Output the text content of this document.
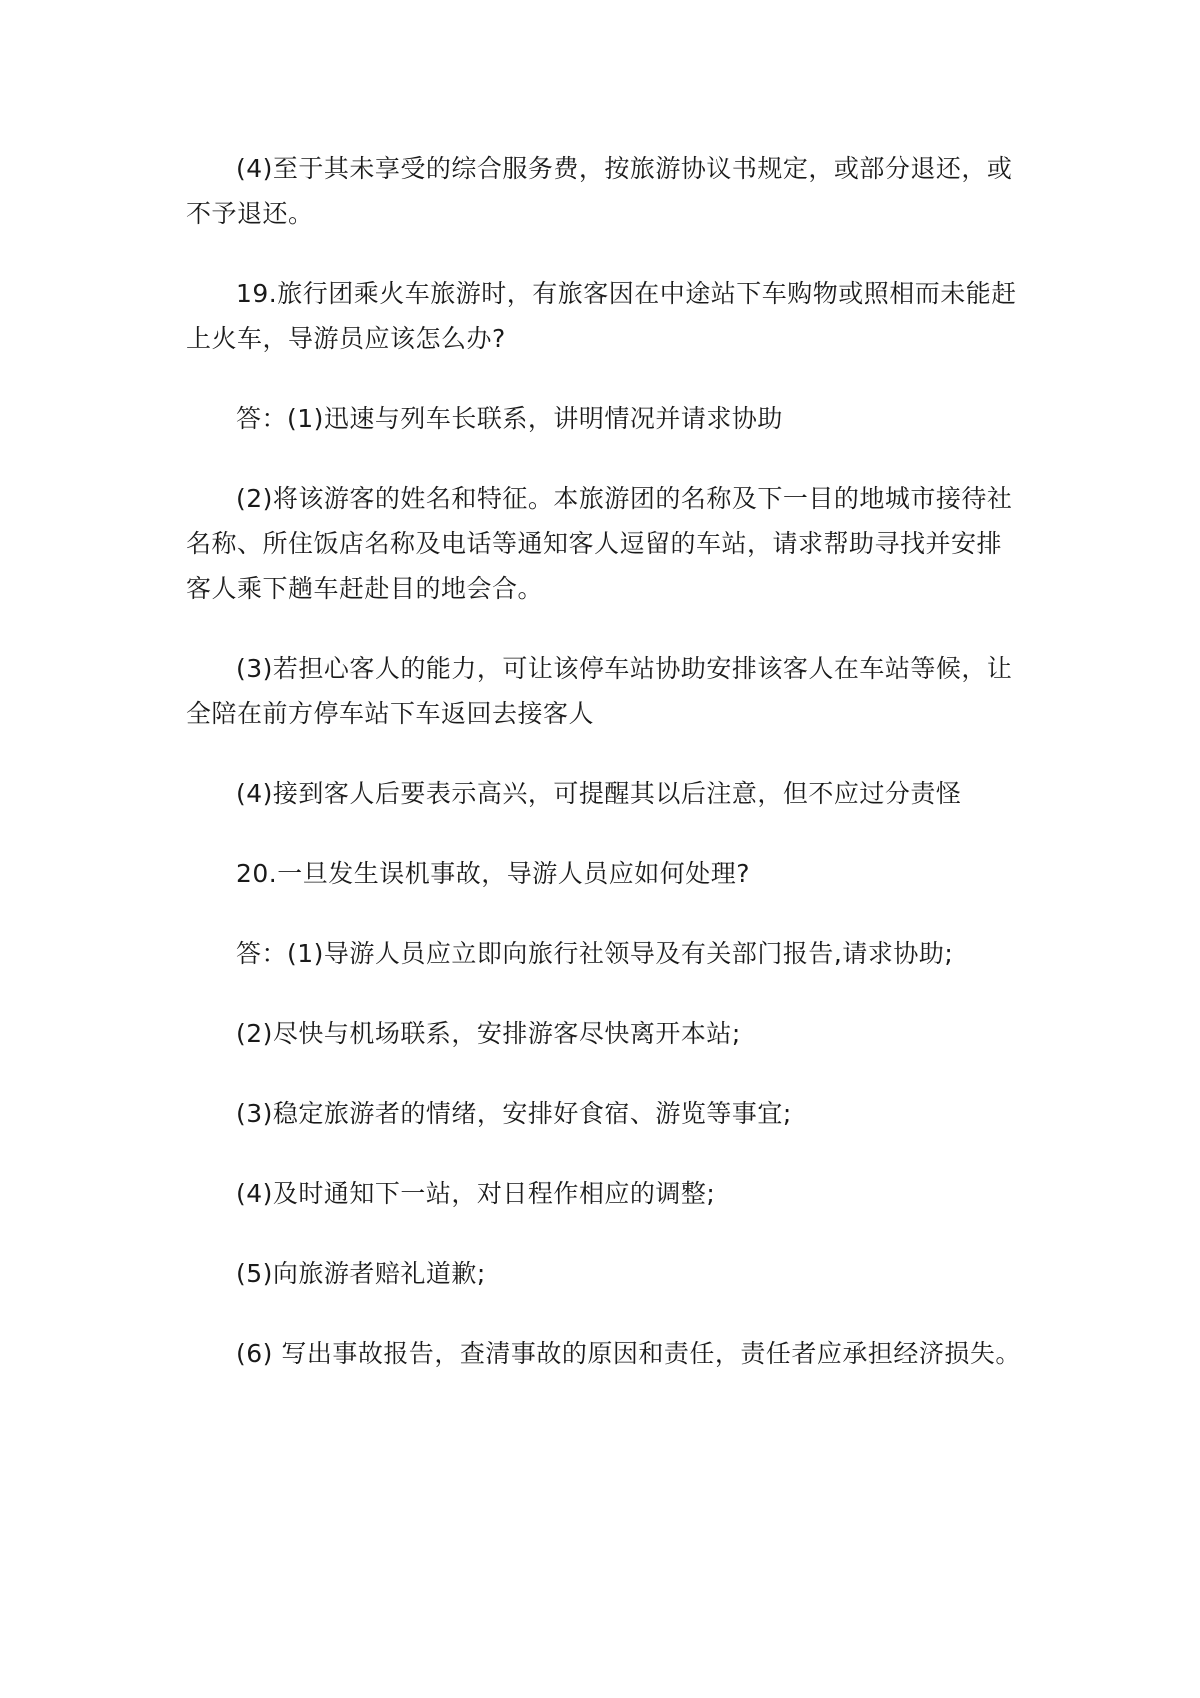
(4)至于其未享受的综合服务费，按旅游协议书规定，或部分退还，或不予退还。

19.旅行团乘火车旅游时，有旅客因在中途站下车购物或照相而未能赶上火车，导游员应该怎么办?

答：(1)迅速与列车长联系，讲明情况并请求协助

(2)将该游客的姓名和特征。本旅游团的名称及下一目的地城市接待社名称、所住饭店名称及电话等通知客人逗留的车站，请求帮助寻找并安排客人乘下趟车赶赴目的地会合。

(3)若担心客人的能力，可让该停车站协助安排该客人在车站等候，让全陪在前方停车站下车返回去接客人

(4)接到客人后要表示高兴，可提醒其以后注意，但不应过分责怪

20.一旦发生误机事故，导游人员应如何处理?

答：(1)导游人员应立即向旅行社领导及有关部门报告,请求协助;

(2)尽快与机场联系，安排游客尽快离开本站;

(3)稳定旅游者的情绪，安排好食宿、游览等事宜;

(4)及时通知下一站，对日程作相应的调整;

(5)向旅游者赔礼道歉;

(6) 写出事故报告，查清事故的原因和责任，责任者应承担经济损失。
